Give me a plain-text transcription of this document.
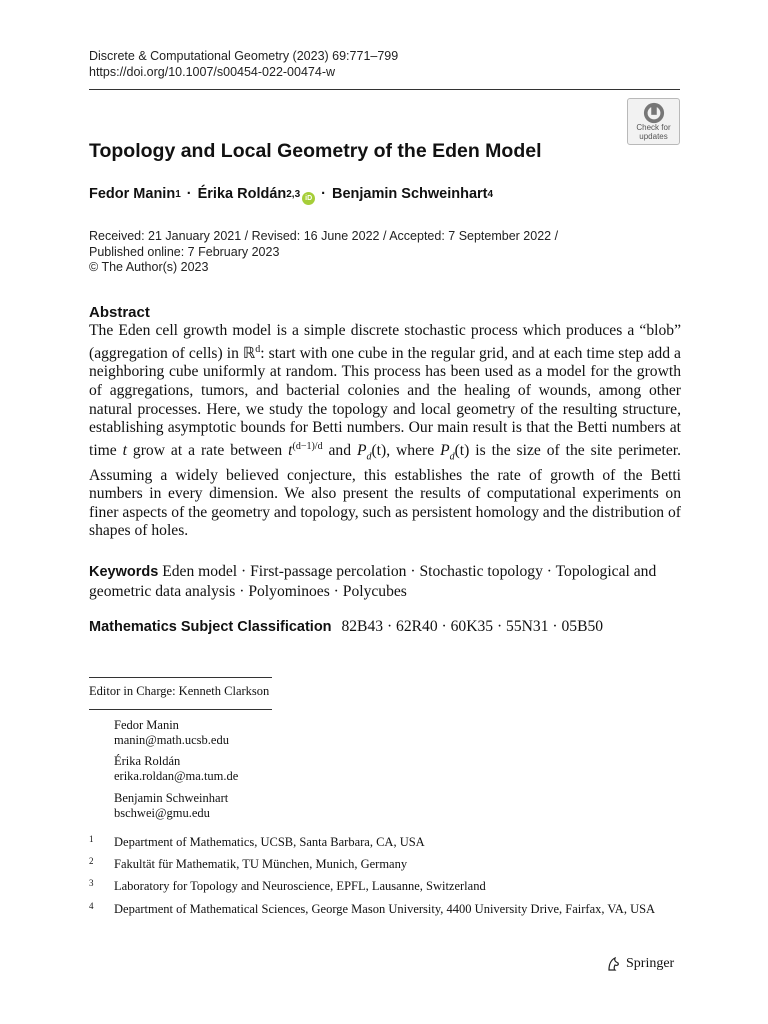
Discrete & Computational Geometry (2023) 69:771–799
https://doi.org/10.1007/s00454-022-00474-w
Check for
updates
Topology and Local Geometry of the Eden Model
Fedor Manin$^1$ · Érika Roldán$^{2,3}$ iD · Benjamin Schweinhart$^4$
Received: 21 January 2021 / Revised: 16 June 2022 / Accepted: 7 September 2022 /
Published online: 7 February 2023
© The Author(s) 2023
Abstract

The Eden cell growth model is a simple discrete stochastic process which produces a “blob” (aggregation of cells) in ℝ$^d$: start with one cube in the regular grid, and at each time step add a neighboring cube uniformly at random. This process has been used as a model for the growth of aggregations, tumors, and bacterial colonies and the healing of wounds, among other natural processes. Here, we study the topology and local geometry of the resulting structure, establishing asymptotic bounds for Betti numbers. Our main result is that the Betti numbers at time t grow at a rate between $t^{(d-1)/d}$ and $P_d(t)$, where $P_d(t)$ is the size of the site perimeter. Assuming a widely believed conjecture, this establishes the rate of growth of the Betti numbers in every dimension. We also present the results of computational experiments on finer aspects of the geometry and topology, such as persistent homology and the distribution of shapes of holes.

Keywords Eden model · First-passage percolation · Stochastic topology · Topological and geometric data analysis · Polyominoes · Polycubes
Mathematics Subject Classification 82B43 · 62R40 · 60K35 · 55N31 · 05B50
Editor in Charge: Kenneth Clarkson
Fedor Manin
manin@math.ucsb.edu
Érika Roldán
erika.roldan@ma.tum.de
Benjamin Schweinhart
bschwei@gmu.edu
1	Department of Mathematics, UCSB, Santa Barbara, CA, USA
2	Fakultät für Mathematik, TU München, Munich, Germany
3	Laboratory for Topology and Neuroscience, EPFL, Lausanne, Switzerland
4	Department of Mathematical Sciences, George Mason University, 4400 University Drive, Fairfax, VA, USA
Springer
